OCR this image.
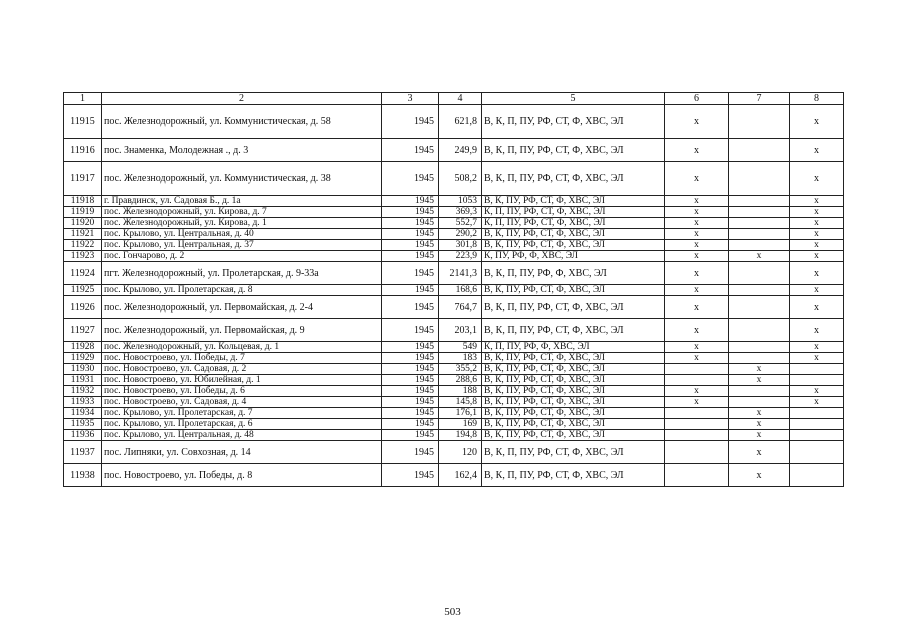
1	2	3	4	5	6	7	8
11915	пос. Железнодорожный, ул. Коммунистическая, д. 58	1945	621,8	В, К, П, ПУ, РФ, СТ, Ф, ХВС, ЭЛ	x		x
11916	пос. Знаменка, Молодежная ., д. 3	1945	249,9	В, К, П, ПУ, РФ, СТ, Ф, ХВС, ЭЛ	x		x
11917	пос. Железнодорожный, ул. Коммунистическая, д. 38	1945	508,2	В, К, П, ПУ, РФ, СТ, Ф, ХВС, ЭЛ	x		x
11918	г. Правдинск, ул. Садовая Б., д. 1а	1945	1053	В, К, ПУ, РФ, СТ, Ф, ХВС, ЭЛ	x		x
11919	пос. Железнодорожный, ул. Кирова, д. 7	1945	369,3	К, П, ПУ, РФ, СТ, Ф, ХВС, ЭЛ	x		x
11920	пос. Железнодорожный, ул. Кирова, д. 1	1945	552,7	К, П, ПУ, РФ, СТ, Ф, ХВС, ЭЛ	x		x
11921	пос. Крылово, ул. Центральная, д. 40	1945	290,2	В, К, ПУ, РФ, СТ, Ф, ХВС, ЭЛ	x		x
11922	пос. Крылово, ул. Центральная, д. 37	1945	301,8	В, К, ПУ, РФ, СТ, Ф, ХВС, ЭЛ	x		x
11923	пос. Гончарово, д. 2	1945	223,9	К, ПУ, РФ, Ф, ХВС, ЭЛ	x	x	x
11924	пгт. Железнодорожный, ул. Пролетарская, д. 9-33а	1945	2141,3	В, К, П, ПУ, РФ, Ф, ХВС, ЭЛ	x		x
11925	пос. Крылово, ул. Пролетарская, д. 8	1945	168,6	В, К, ПУ, РФ, СТ, Ф, ХВС, ЭЛ	x		x
11926	пос. Железнодорожный, ул. Первомайская, д. 2-4	1945	764,7	В, К, П, ПУ, РФ, СТ, Ф, ХВС, ЭЛ	x		x
11927	пос. Железнодорожный, ул. Первомайская, д. 9	1945	203,1	В, К, П, ПУ, РФ, СТ, Ф, ХВС, ЭЛ	x		x
11928	пос. Железнодорожный, ул. Кольцевая, д. 1	1945	549	К, П, ПУ, РФ, Ф, ХВС, ЭЛ	x		x
11929	пос. Новостроево, ул. Победы, д. 7	1945	183	В, К, ПУ, РФ, СТ, Ф, ХВС, ЭЛ	x		x
11930	пос. Новостроево, ул. Садовая, д. 2	1945	355,2	В, К, ПУ, РФ, СТ, Ф, ХВС, ЭЛ		x	
11931	пос. Новостроево, ул. Юбилейная, д. 1	1945	288,6	В, К, ПУ, РФ, СТ, Ф, ХВС, ЭЛ		x	
11932	пос. Новостроево, ул. Победы, д. 6	1945	188	В, К, ПУ, РФ, СТ, Ф, ХВС, ЭЛ	x		x
11933	пос. Новостроево, ул. Садовая, д. 4	1945	145,8	В, К, ПУ, РФ, СТ, Ф, ХВС, ЭЛ	x		x
11934	пос. Крылово, ул. Пролетарская, д. 7	1945	176,1	В, К, ПУ, РФ, СТ, Ф, ХВС, ЭЛ		x	
11935	пос. Крылово, ул. Пролетарская, д. 6	1945	169	В, К, ПУ, РФ, СТ, Ф, ХВС, ЭЛ		x	
11936	пос. Крылово, ул. Центральная, д. 48	1945	194,8	В, К, ПУ, РФ, СТ, Ф, ХВС, ЭЛ		x	
11937	пос. Липняки, ул. Совхозная, д. 14	1945	120	В, К, П, ПУ, РФ, СТ, Ф, ХВС, ЭЛ		x	
11938	пос. Новостроево, ул. Победы, д. 8	1945	162,4	В, К, П, ПУ, РФ, СТ, Ф, ХВС, ЭЛ		x	
503
